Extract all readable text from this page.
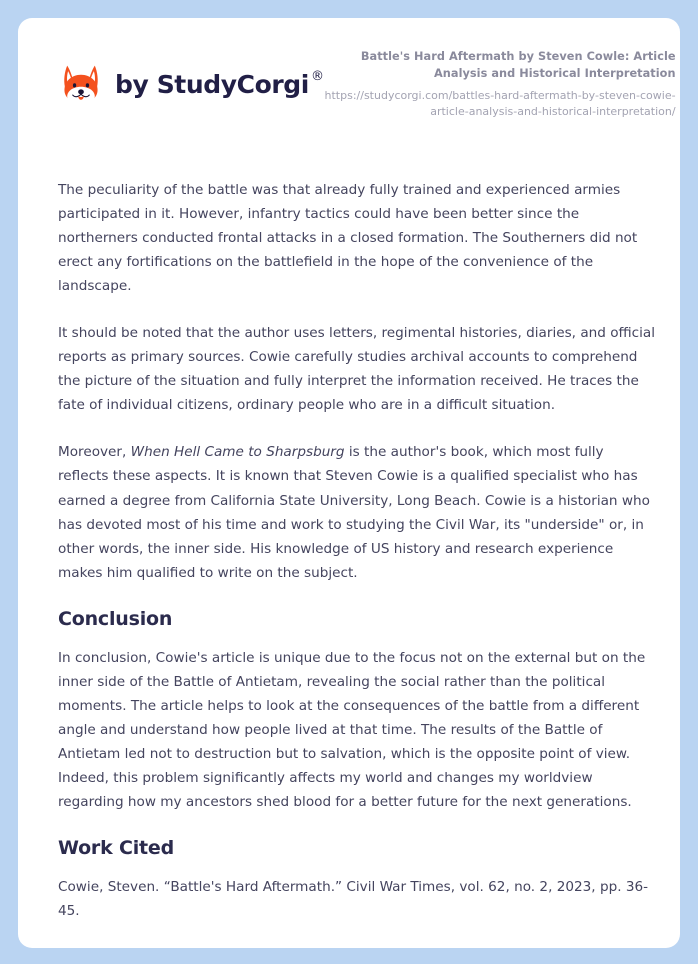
by StudyCorgi ®
Battle's Hard Aftermath by Steven Cowle: Article Analysis and Historical Interpretation
https://studycorgi.com/battles-hard-aftermath-by-steven-cowie-article-analysis-and-historical-interpretation/

The peculiarity of the battle was that already fully trained and experienced armies participated in it. However, infantry tactics could have been better since the northerners conducted frontal attacks in a closed formation. The Southerners did not erect any fortifications on the battlefield in the hope of the convenience of the landscape.

It should be noted that the author uses letters, regimental histories, diaries, and official reports as primary sources. Cowie carefully studies archival accounts to comprehend the picture of the situation and fully interpret the information received. He traces the fate of individual citizens, ordinary people who are in a difficult situation.

Moreover, When Hell Came to Sharpsburg is the author's book, which most fully reflects these aspects. It is known that Steven Cowie is a qualified specialist who has earned a degree from California State University, Long Beach. Cowie is a historian who has devoted most of his time and work to studying the Civil War, its "underside" or, in other words, the inner side. His knowledge of US history and research experience makes him qualified to write on the subject.

Conclusion

In conclusion, Cowie's article is unique due to the focus not on the external but on the inner side of the Battle of Antietam, revealing the social rather than the political moments. The article helps to look at the consequences of the battle from a different angle and understand how people lived at that time. The results of the Battle of Antietam led not to destruction but to salvation, which is the opposite point of view. Indeed, this problem significantly affects my world and changes my worldview regarding how my ancestors shed blood for a better future for the next generations.

Work Cited

Cowie, Steven. “Battle's Hard Aftermath.” Civil War Times, vol. 62, no. 2, 2023, pp. 36-45.
